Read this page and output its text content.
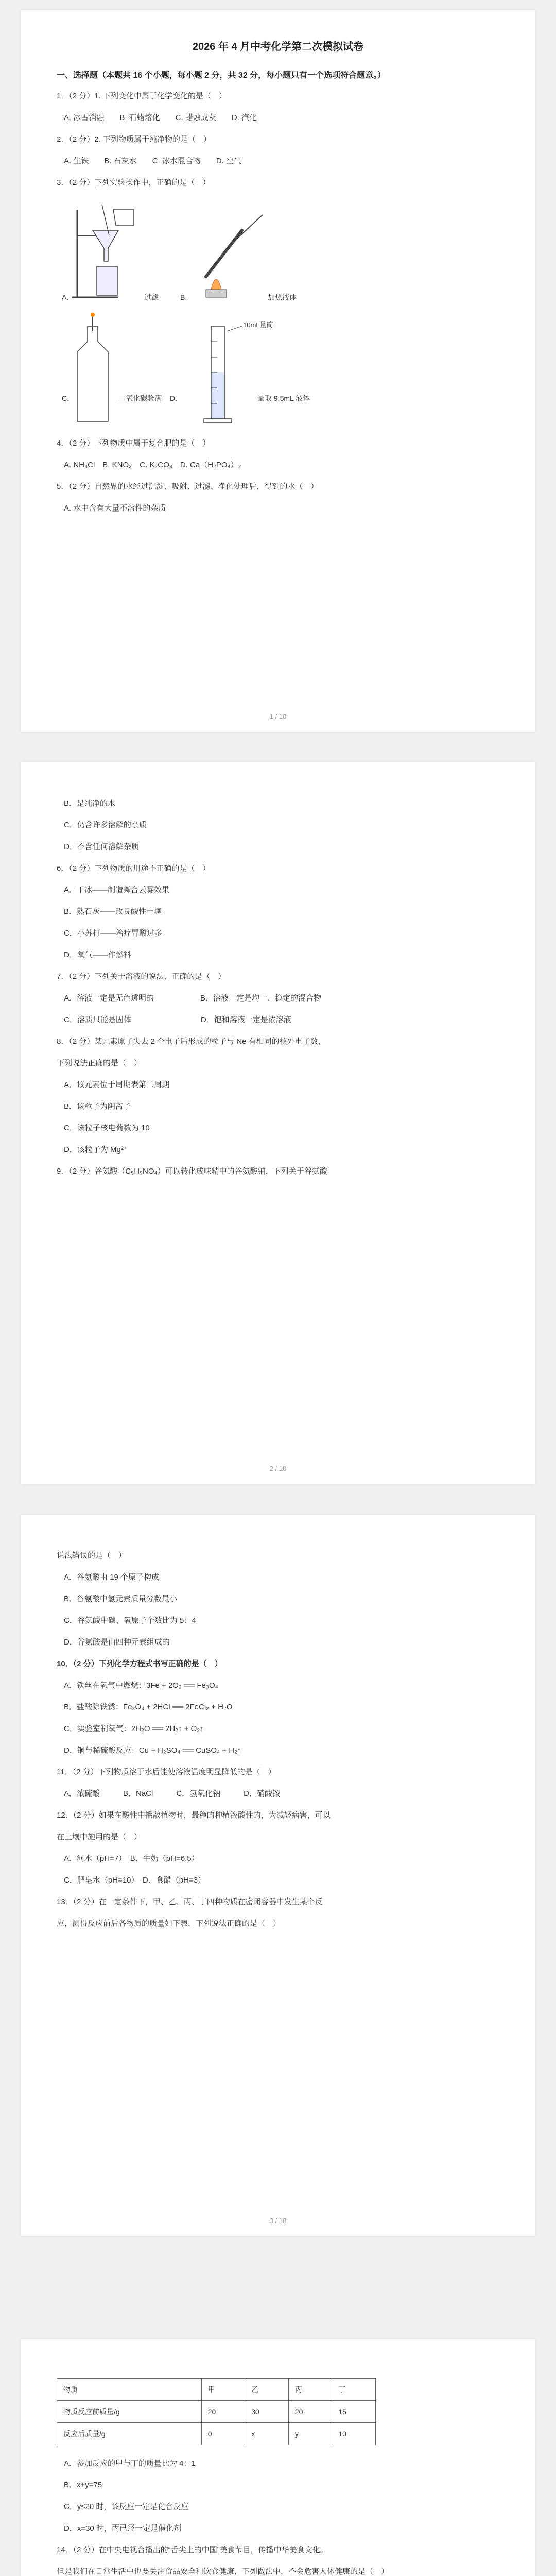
2026 年 4 月中考化学第二次模拟试卷
一、选择题（本题共 16 个小题，每小题 2 分，共 32 分，每小题只有一个选项符合题意。）
1．（2 分）1. 下列变化中属于化学变化的是（　）
A. 冰雪消融　　B. 石蜡熔化　　C. 蜡烛成灰　　D. 汽化
2．（2 分）2. 下列物质属于纯净物的是（　）
A. 生铁　　B. 石灰水　　C. 冰水混合物　　D. 空气
3．（2 分）下列实验操作中，正确的是（　）
A.	过滤	B.	加热液体
C.	二氧化碳验满 D.
10mL量筒
量取 9.5mL 液体
4．（2 分）下列物质中属于复合肥的是（　）
A. NH₄Cl　B. KNO₃　C. K₂CO₃　D. Ca（H₂PO₄）₂
5．（2 分）自然界的水经过沉淀、吸附、过滤、净化处理后，得到的水（　）
A. 水中含有大量不溶性的杂质
1 / 10
B．是纯净的水
C．仍含许多溶解的杂质
D．不含任何溶解杂质
6．（2 分）下列物质的用途不正确的是（　）
A．干冰——制造舞台云雾效果
B．熟石灰——改良酸性土壤
C．小苏打——治疗胃酸过多
D．氧气——作燃料
7．（2 分）下列关于溶液的说法，正确的是（　）
A．溶液一定是无色透明的　　　　　　B．溶液一定是均一、稳定的混合物
C．溶质只能是固体　　　　　　　　　D．饱和溶液一定是浓溶液
8．（2 分）某元素原子失去 2 个电子后形成的粒子与 Ne 有相同的核外电子数，
下列说法正确的是（　）
A．该元素位于周期表第二周期
B．该粒子为阴离子
C．该粒子核电荷数为 10
D．该粒子为 Mg²⁺
9．（2 分）谷氨酸（C₅H₉NO₄）可以转化成味精中的谷氨酸钠，下列关于谷氨酸
2 / 10
说法错误的是（　）
A．谷氨酸由 19 个原子构成
B．谷氨酸中氢元素质量分数最小
C．谷氨酸中碳、氧原子个数比为 5：4
D．谷氨酸是由四种元素组成的
10．（2 分）下列化学方程式书写正确的是（　）
A．铁丝在氧气中燃烧：3Fe + 2O₂ ══ Fe₃O₄
B．盐酸除铁锈：Fe₂O₃ + 2HCl ══ 2FeCl₂ + H₂O
C．实验室制氧气：2H₂O ══ 2H₂↑ + O₂↑
D．铜与稀硫酸反应：Cu + H₂SO₄ ══ CuSO₄ + H₂↑
11．（2 分）下列物质溶于水后能使溶液温度明显降低的是（　）
A．浓硫酸　　　B．NaCl　　　C．氢氧化钠　　　D．硝酸铵
12．（2 分）如果在酸性中播散植物时，最稳的种植液酸性的，为减轻病害，可以
在土壤中施用的是（　）
A．河水（pH=7）　B．牛奶（pH=6.5）
C．肥皂水（pH=10）　D．食醋（pH=3）
13．（2 分）在一定条件下，甲、乙、丙、丁四种物质在密闭容器中发生某个反
应，测得反应前后各物质的质量如下表，下列说法正确的是（　）
3 / 10
物质	甲	乙	丙	丁
物质反应前质量/g	20	30	20	15
反应后质量/g	0	x	y	10
A．参加反应的甲与丁的质量比为 4：1
B．x+y=75
C．y≤20 时，该反应一定是化合反应
D．x=30 时，丙已经一定是催化剂
14．（2 分）在中央电视台播出的“舌尖上的中国”美食节目，传播中华美食文化。
但是我们在日常生活中也要关注食品安全和饮食健康，下列做法中，不会危害人体健康的是（　）
